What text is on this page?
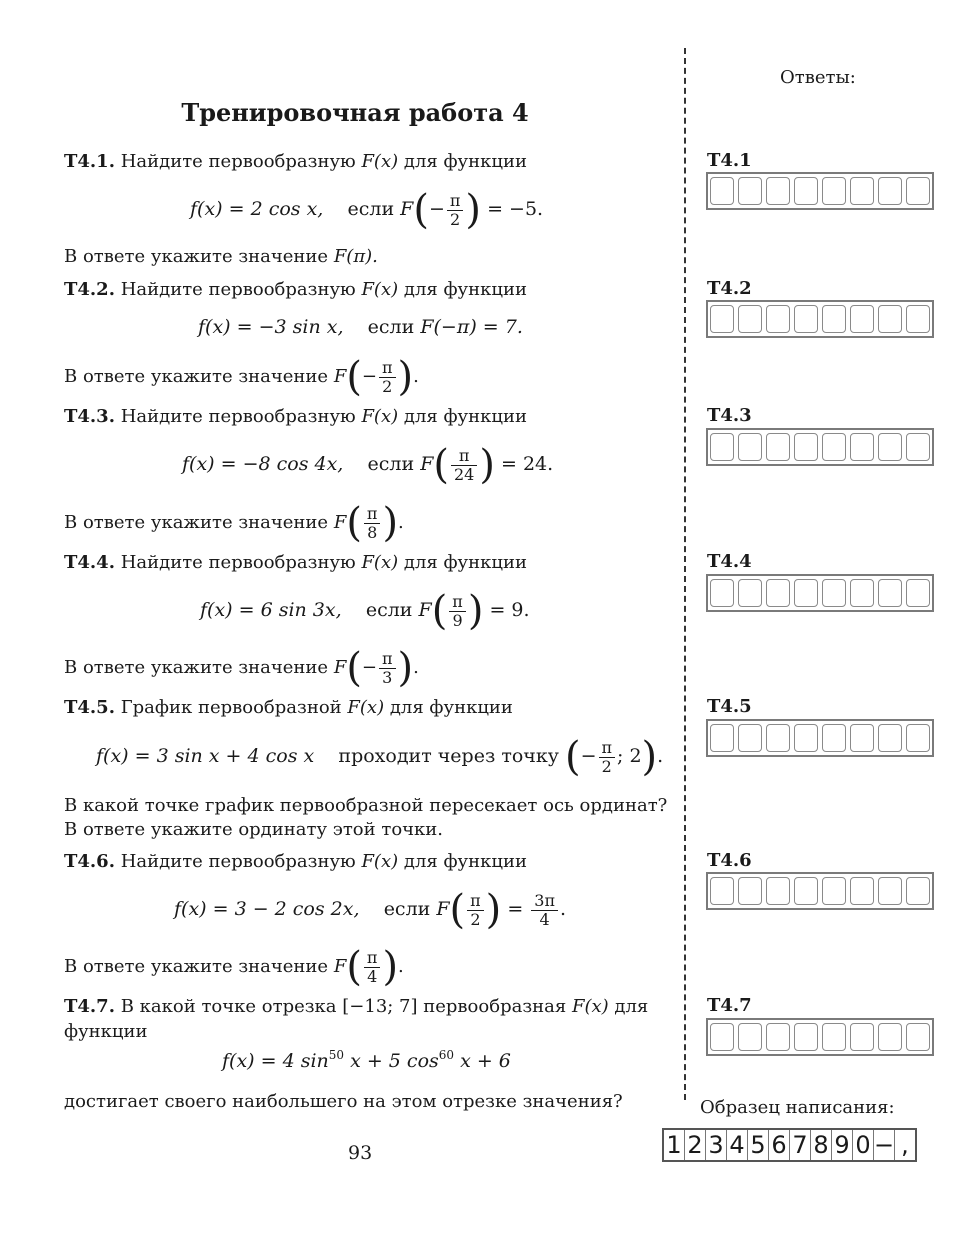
Тренировочная работа 4
Т4.1. Найдите первообразную F(x) для функции
f(x) = 2 cos x, если $F(- \frac{\pi}{2}$ ) = −5.
В ответе укажите значение F(π).
Т4.2. Найдите первообразную F(x) для функции
f(x) = −3 sin x, если F(−π) = 7.
В ответе укажите значение $F(- \frac{\pi}{2}$ ).
Т4.3. Найдите первообразную F(x) для функции
f(x) = −8 cos 4x, если $F( \frac{\pi}{24}$ ) = 24.
В ответе укажите значение $F( \frac{\pi}{8}$ ).
Т4.4. Найдите первообразную F(x) для функции
f(x) = 6 sin 3x, если $F( \frac{\pi}{9}$ ) = 9.
В ответе укажите значение $F(- \frac{\pi}{3}$ ).
Т4.5. График первообразной F(x) для функции
f(x) = 3 sin x + 4 cos x проходит через точку (− $\frac{\pi}{2}$ ; 2).
В какой точке график первообразной пересекает ось ординат?
В ответе укажите ординату этой точки.
Т4.6. Найдите первообразную F(x) для функции
f(x) = 3 − 2 cos 2x, если $F( \frac{\pi}{2}$ ) = $\frac{3\pi}{4}$ .
В ответе укажите значение $F( \frac{\pi}{4}$ ).
Т4.7. В какой точке отрезка [−13; 7] первообразная F(x) для
функции
f(x) = 4 $\sin^{50} x + 5$ $\cos^{60} x + 6$
достигает своего наибольшего на этом отрезке значения?
Ответы:
Т4.1
Т4.2
Т4.3
Т4.4
Т4.5
Т4.6
Т4.7
Образец написания:
1 2 3 4 5 6 7 8 9 0 − ,
93
